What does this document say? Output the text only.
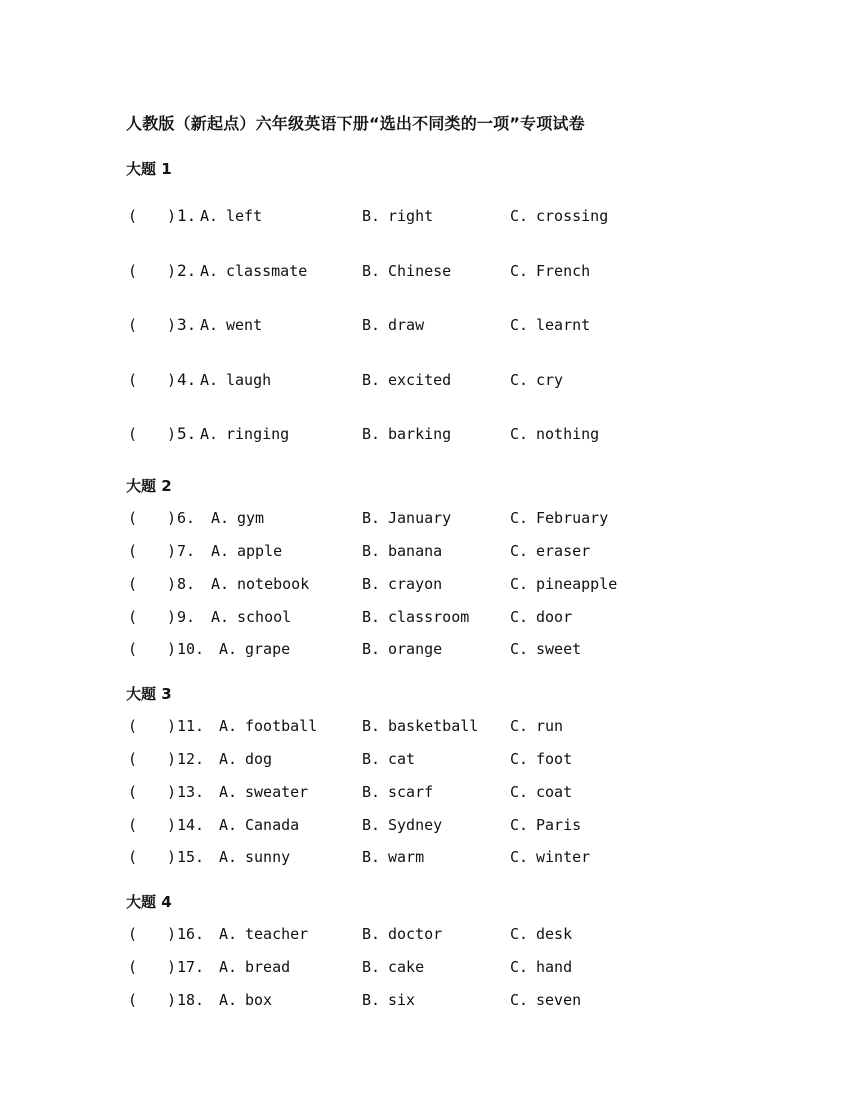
人教版（新起点）六年级英语下册“选出不同类的一项”专项试卷
大题 1
( ) 1. A. left	B. right	C. crossing
( ) 2. A. classmate	B. Chinese	C. French
( ) 3. A. went	B. draw	C. learnt
( ) 4. A. laugh	B. excited	C. cry
( ) 5. A. ringing	B. barking	C. nothing
大题 2
( ) 6. A. gym	B. January	C. February
( ) 7. A. apple	B. banana	C. eraser
( ) 8. A. notebook	B. crayon	C. pineapple
( ) 9. A. school	B. classroom	C. door
( ) 10. A. grape	B. orange	C. sweet
大题 3
( ) 11. A. football	B. basketball C. run
( ) 12. A. dog	B. cat	C. foot
( ) 13. A. sweater	B. scarf	C. coat
( ) 14. A. Canada	B. Sydney	C. Paris
( ) 15. A. sunny	B. warm	C. winter
大题 4
( ) 16. A. teacher	B. doctor	C. desk
( ) 17. A. bread	B. cake	C. hand
( ) 18. A. box	B. six	C. seven
